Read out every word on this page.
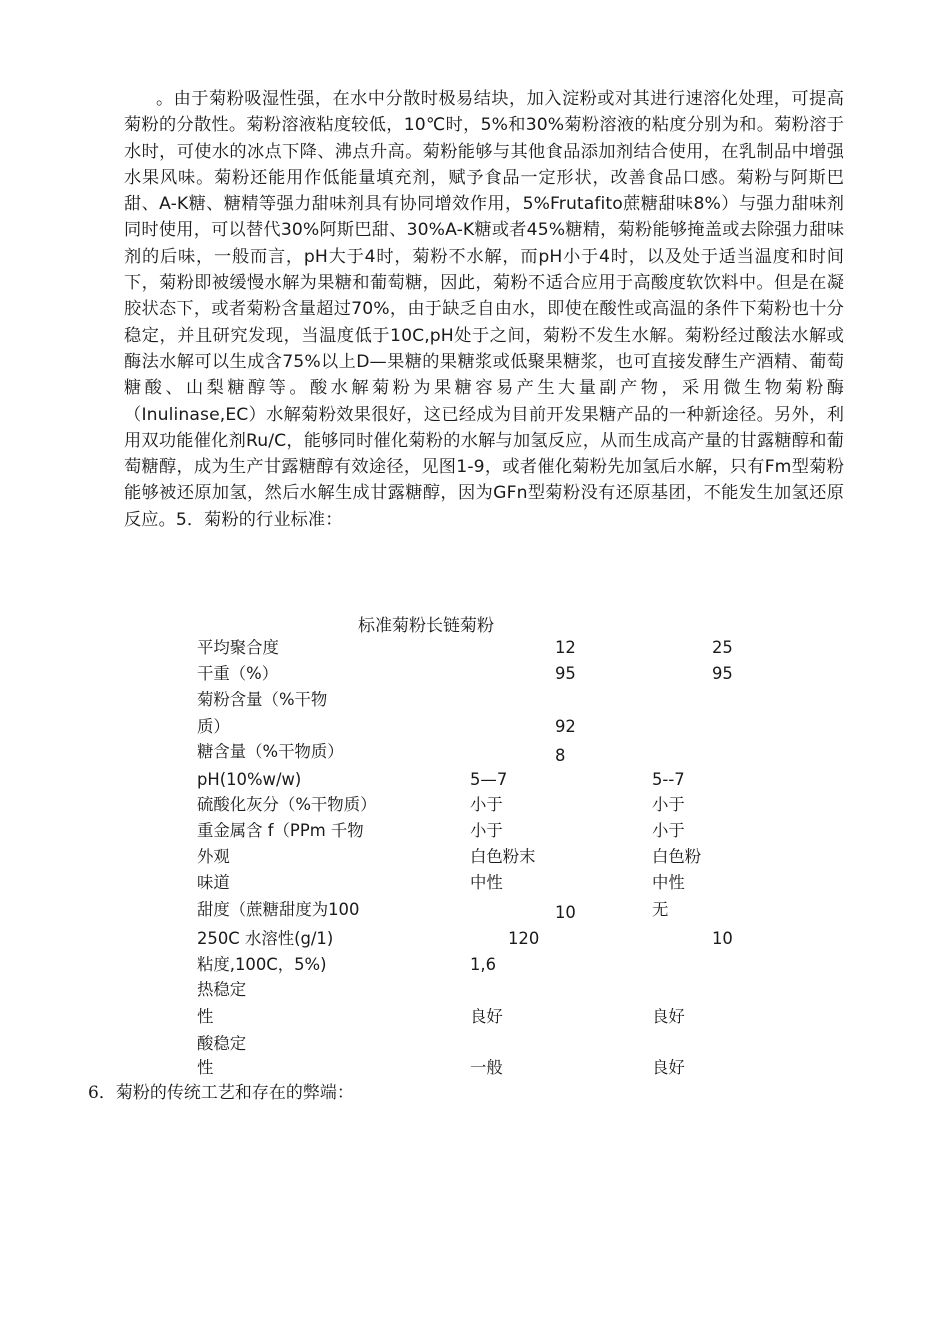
。由于菊粉吸湿性强，在水中分散时极易结块，加入淀粉或对其进行速溶化处理，可提高菊粉的分散性。菊粉溶液粘度较低，10℃时，5%和30%菊粉溶液的粘度分别为和。菊粉溶于水时，可使水的冰点下降、沸点升高。菊粉能够与其他食品添加剂结合使用，在乳制品中增强水果风味。菊粉还能用作低能量填充剂，赋予食品一定形状，改善食品口感。菊粉与阿斯巴甜、A-K糖、糖精等强力甜味剂具有协同增效作用，5%Frutafito蔗糖甜味8%）与强力甜味剂同时使用，可以替代30%阿斯巴甜、30%A-K糖或者45%糖精，菊粉能够掩盖或去除强力甜味剂的后味，一般而言，pH大于4时，菊粉不水解，而pH小于4时，以及处于适当温度和时间下，菊粉即被缓慢水解为果糖和葡萄糖，因此，菊粉不适合应用于高酸度软饮料中。但是在凝胶状态下，或者菊粉含量超过70%，由于缺乏自由水，即使在酸性或高温的条件下菊粉也十分稳定，并且研究发现，当温度低于10C,pH处于之间，菊粉不发生水解。菊粉经过酸法水解或酶法水解可以生成含75%以上D—果糖的果糖浆或低聚果糖浆，也可直接发酵生产酒精、葡萄糖酸、山梨糖醇等。酸水解菊粉为果糖容易产生大量副产物，采用微生物菊粉酶（Inulinase,EC）水解菊粉效果很好，这已经成为目前开发果糖产品的一种新途径。另外，利用双功能催化剂Ru/C，能够同时催化菊粉的水解与加氢反应，从而生成高产量的甘露糖醇和葡萄糖醇，成为生产甘露糖醇有效途径，见图1-9，或者催化菊粉先加氢后水解，只有Fm型菊粉能够被还原加氢，然后水解生成甘露糖醇，因为GFn型菊粉没有还原基团，不能发生加氢还原反应。5．菊粉的行业标准：

标准菊粉长链菊粉
平均聚合度	12	25
干重（%）	95	95
菊粉含量（%干物
质）	92
糖含量（%干物质）	8
pH(10%w/w)	5—7	5--7
硫酸化灰分（%干物质）	小于	小于
重金属含 f（PPm 千物	小于	小于
外观	白色粉末	白色粉
味道	中性	中性
甜度（蔗糖甜度为100	10	无
250C 水溶性(g/1)	120	10
粘度,100C，5%)	1,6
热稳定
性	良好	良好
酸稳定
性	一般	良好
6．菊粉的传统工艺和存在的弊端：
